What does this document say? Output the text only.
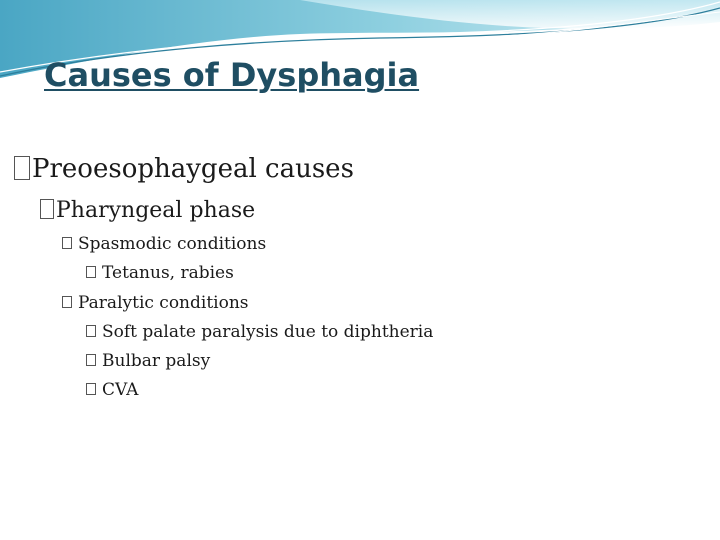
Causes of Dysphagia
Preoesophaygeal causes
Pharyngeal phase
Spasmodic conditions
Tetanus, rabies
Paralytic conditions
Soft palate paralysis due to diphtheria
Bulbar palsy
CVA
